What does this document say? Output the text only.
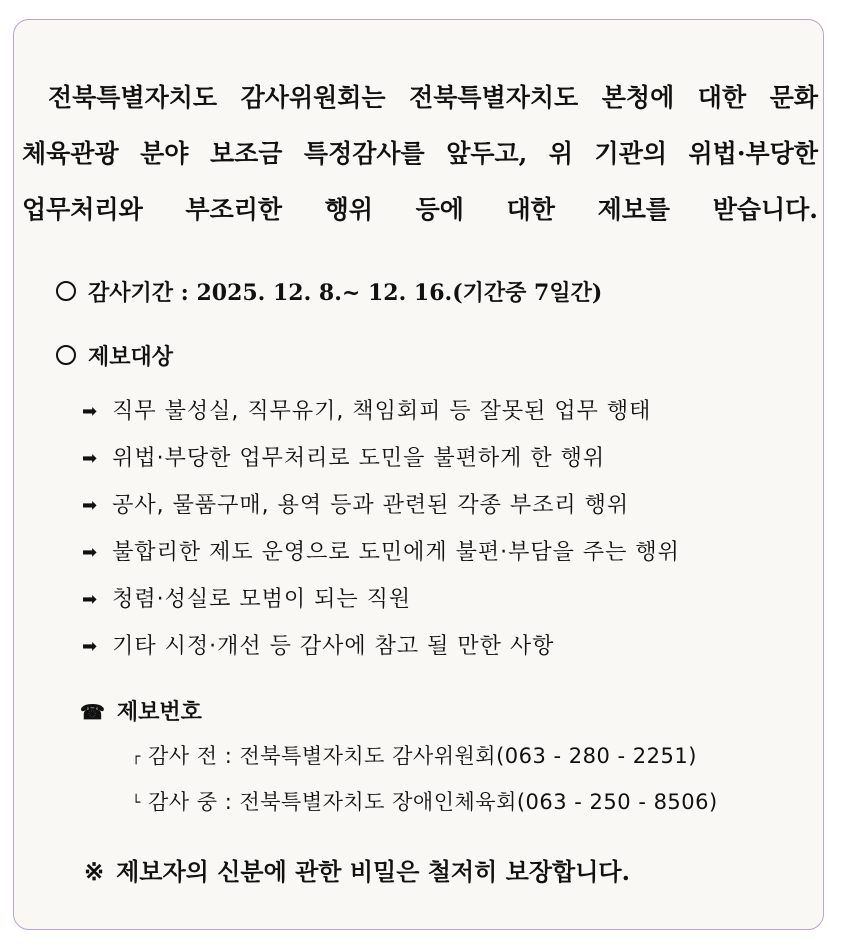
전북특별자치도 감사위원회는 전북특별자치도 본청에 대한 문화
체육관광 분야 보조금 특정감사를 앞두고, 위 기관의 위법·부당한
업무처리와 부조리한 행위 등에 대한 제보를 받습니다.
감사기간 : 2025. 12. 8.~ 12. 16.(기간중 7일간)
제보대상
➡ 직무 불성실, 직무유기, 책임회피 등 잘못된 업무 행태
➡ 위법·부당한 업무처리로 도민을 불편하게 한 행위
➡ 공사, 물품구매, 용역 등과 관련된 각종 부조리 행위
➡ 불합리한 제도 운영으로 도민에게 불편·부담을 주는 행위
➡ 청렴·성실로 모범이 되는 직원
➡ 기타 시정·개선 등 감사에 참고 될 만한 사항
☎ 제보번호
┌ 감사 전 : 전북특별자치도 감사위원회(063 - 280 - 2251)
└ 감사 중 : 전북특별자치도 장애인체육회(063 - 250 - 8506)
※ 제보자의 신분에 관한 비밀은 철저히 보장합니다.
